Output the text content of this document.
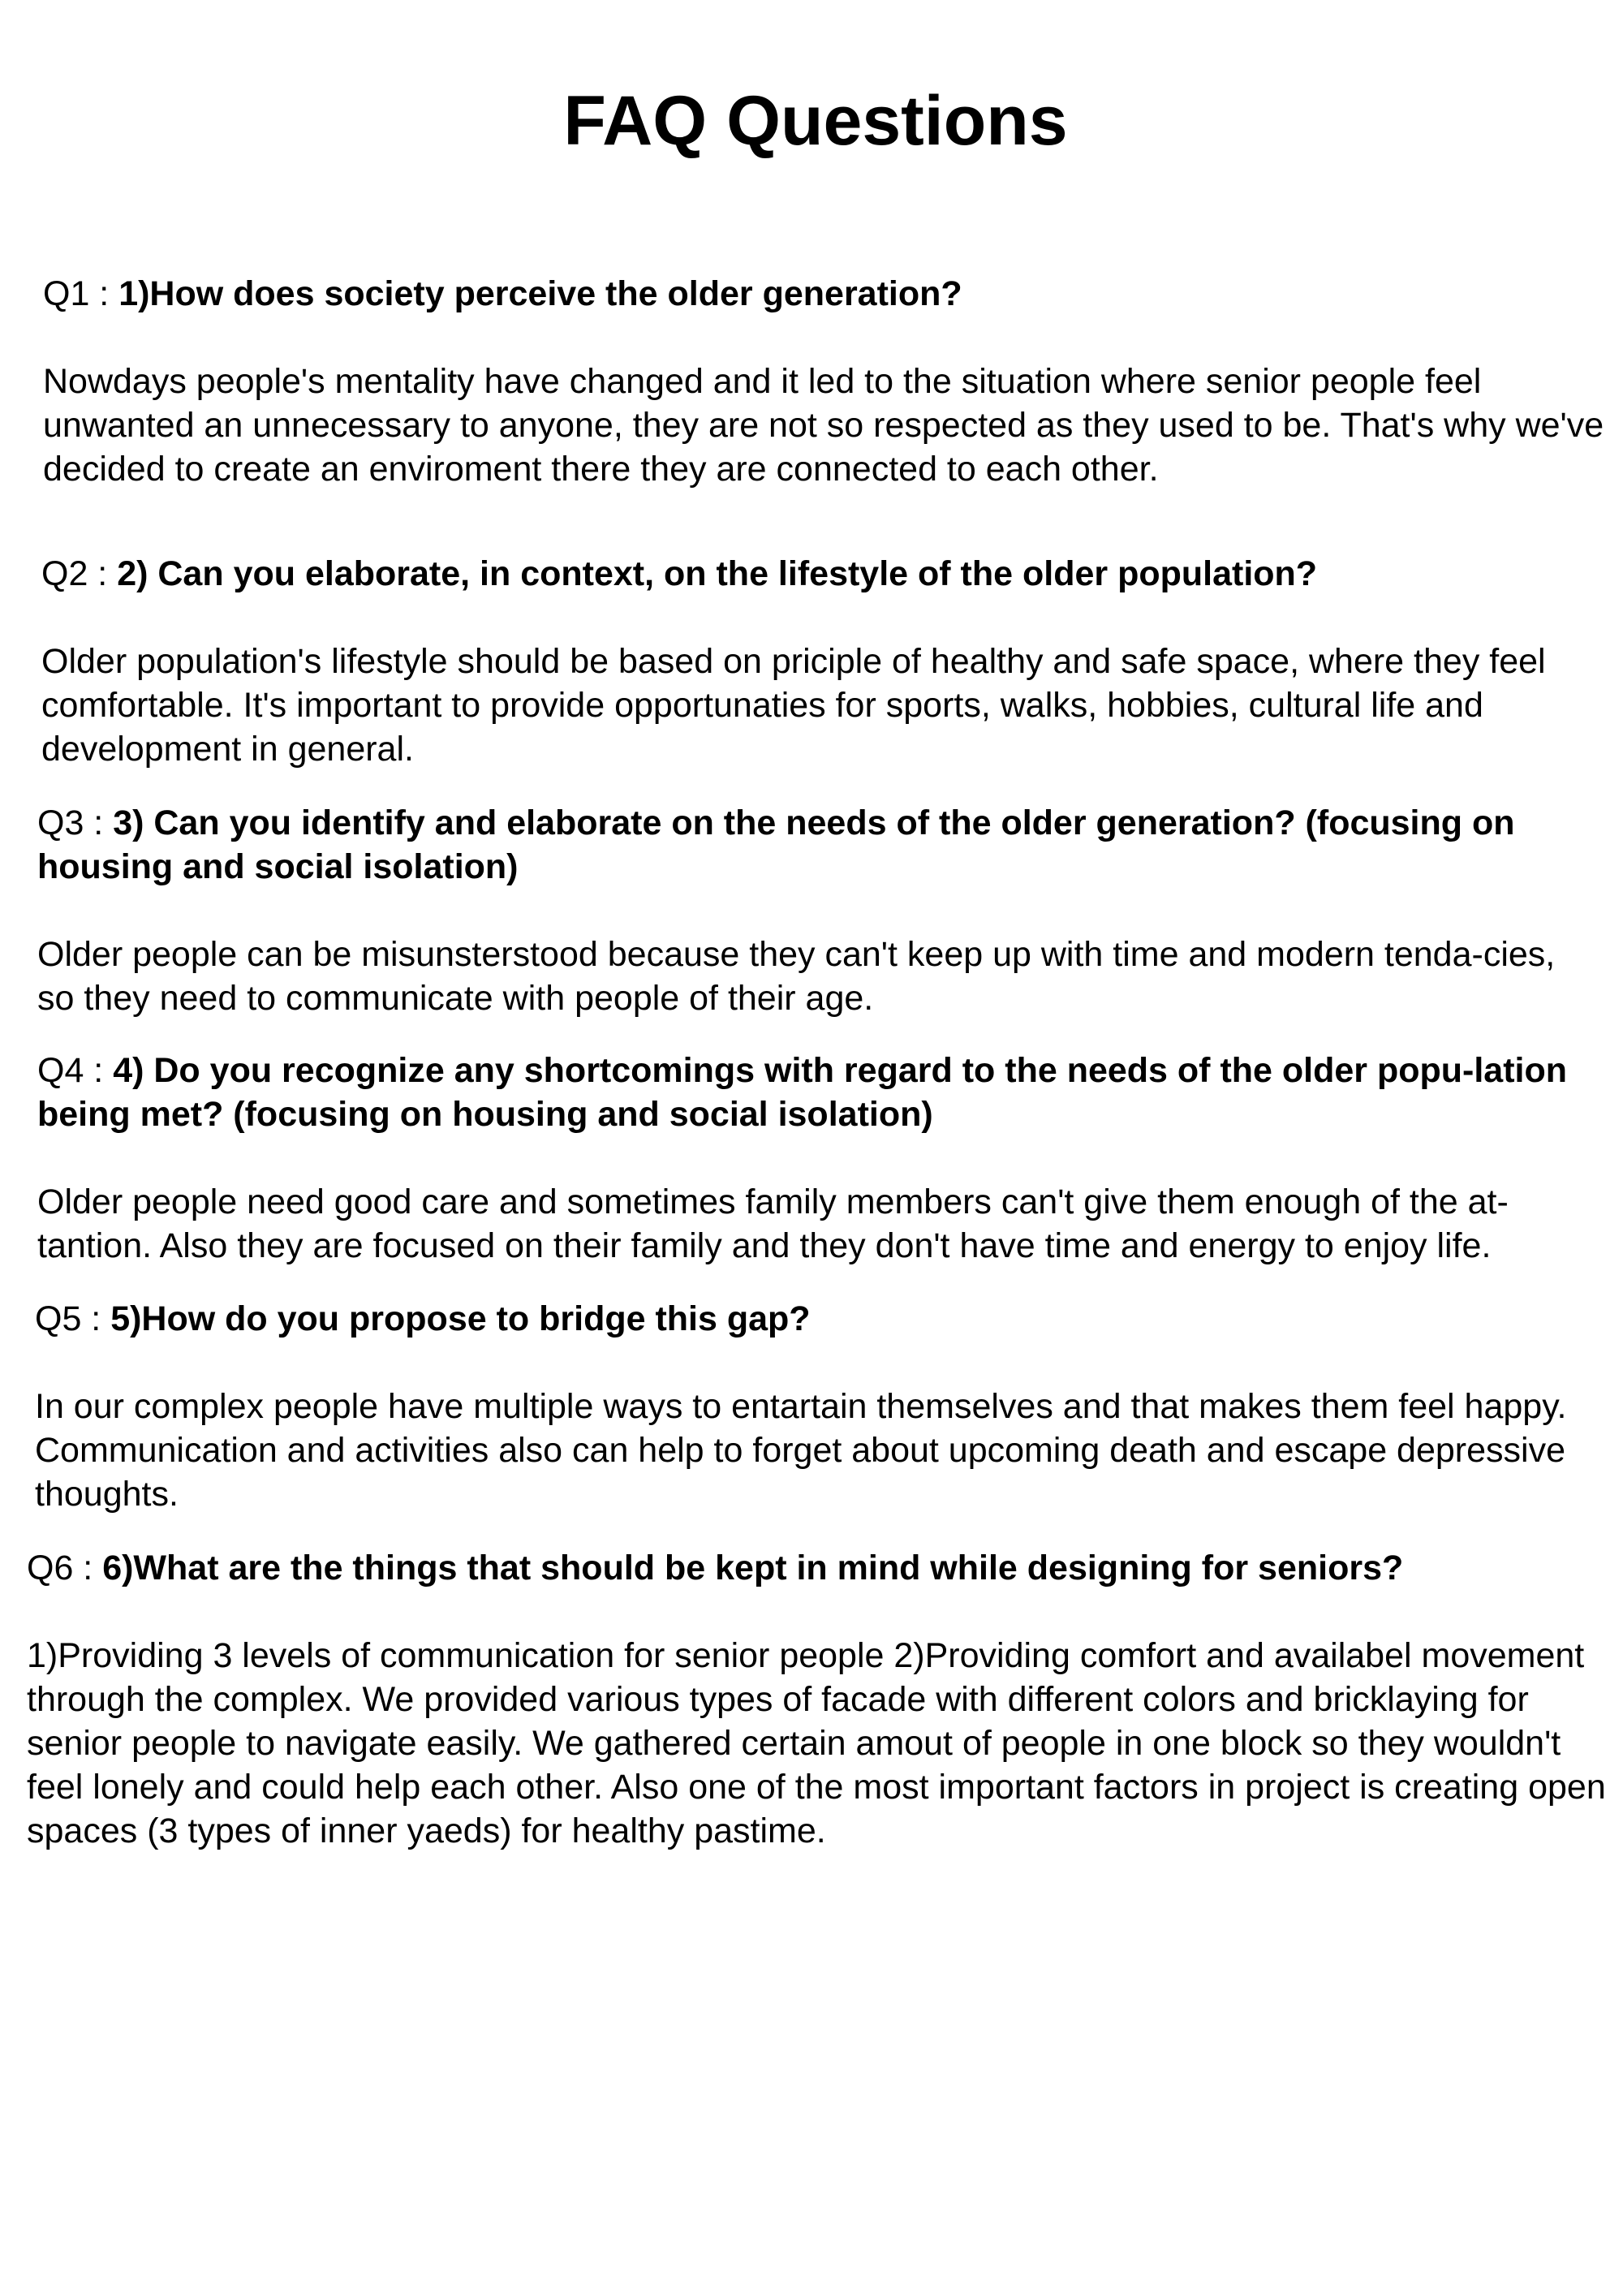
FAQ Questions

Q1 : 1)How does society perceive the older generation?

Nowdays people's mentality have changed and it led to the situation where senior people feel unwanted an unnecessary to anyone, they are not so respected as they used to be. That's why we've decided to create an enviroment there they are connected to each other.

Q2 : 2) Can you elaborate, in context, on the lifestyle of the older population?

Older population's lifestyle should be based on priciple of healthy and safe space, where they feel comfortable. It's important to provide opportunaties for sports, walks, hobbies, cultural life and development in general.

Q3 : 3) Can you identify and elaborate on the needs of the older generation? (focusing on housing and social isolation)

Older people can be misunsterstood because they can't keep up with time and modern tenda-cies, so they need to communicate with people of their age.

Q4 : 4) Do you recognize any shortcomings with regard to the needs of the older popu-lation being met? (focusing on housing and social isolation)

Older people need good care and sometimes family members can't give them enough of the at-tantion. Also they are focused on their family and they don't have time and energy to enjoy life.

Q5 : 5)How do you propose to bridge this gap?

In our complex people have multiple ways to entartain themselves and that makes them feel happy. Communication and activities also can help to forget about upcoming death and escape depressive thoughts.

Q6 : 6)What are the things that should be kept in mind while designing for seniors?

1)Providing 3 levels of communication for senior people 2)Providing comfort and availabel movement through the complex. We provided various types of facade with different colors and bricklaying for senior people to navigate easily. We gathered certain amout of people in one block so they wouldn't feel lonely and could help each other. Also one of the most important factors in project is creating open spaces (3 types of inner yaeds) for healthy pastime.
